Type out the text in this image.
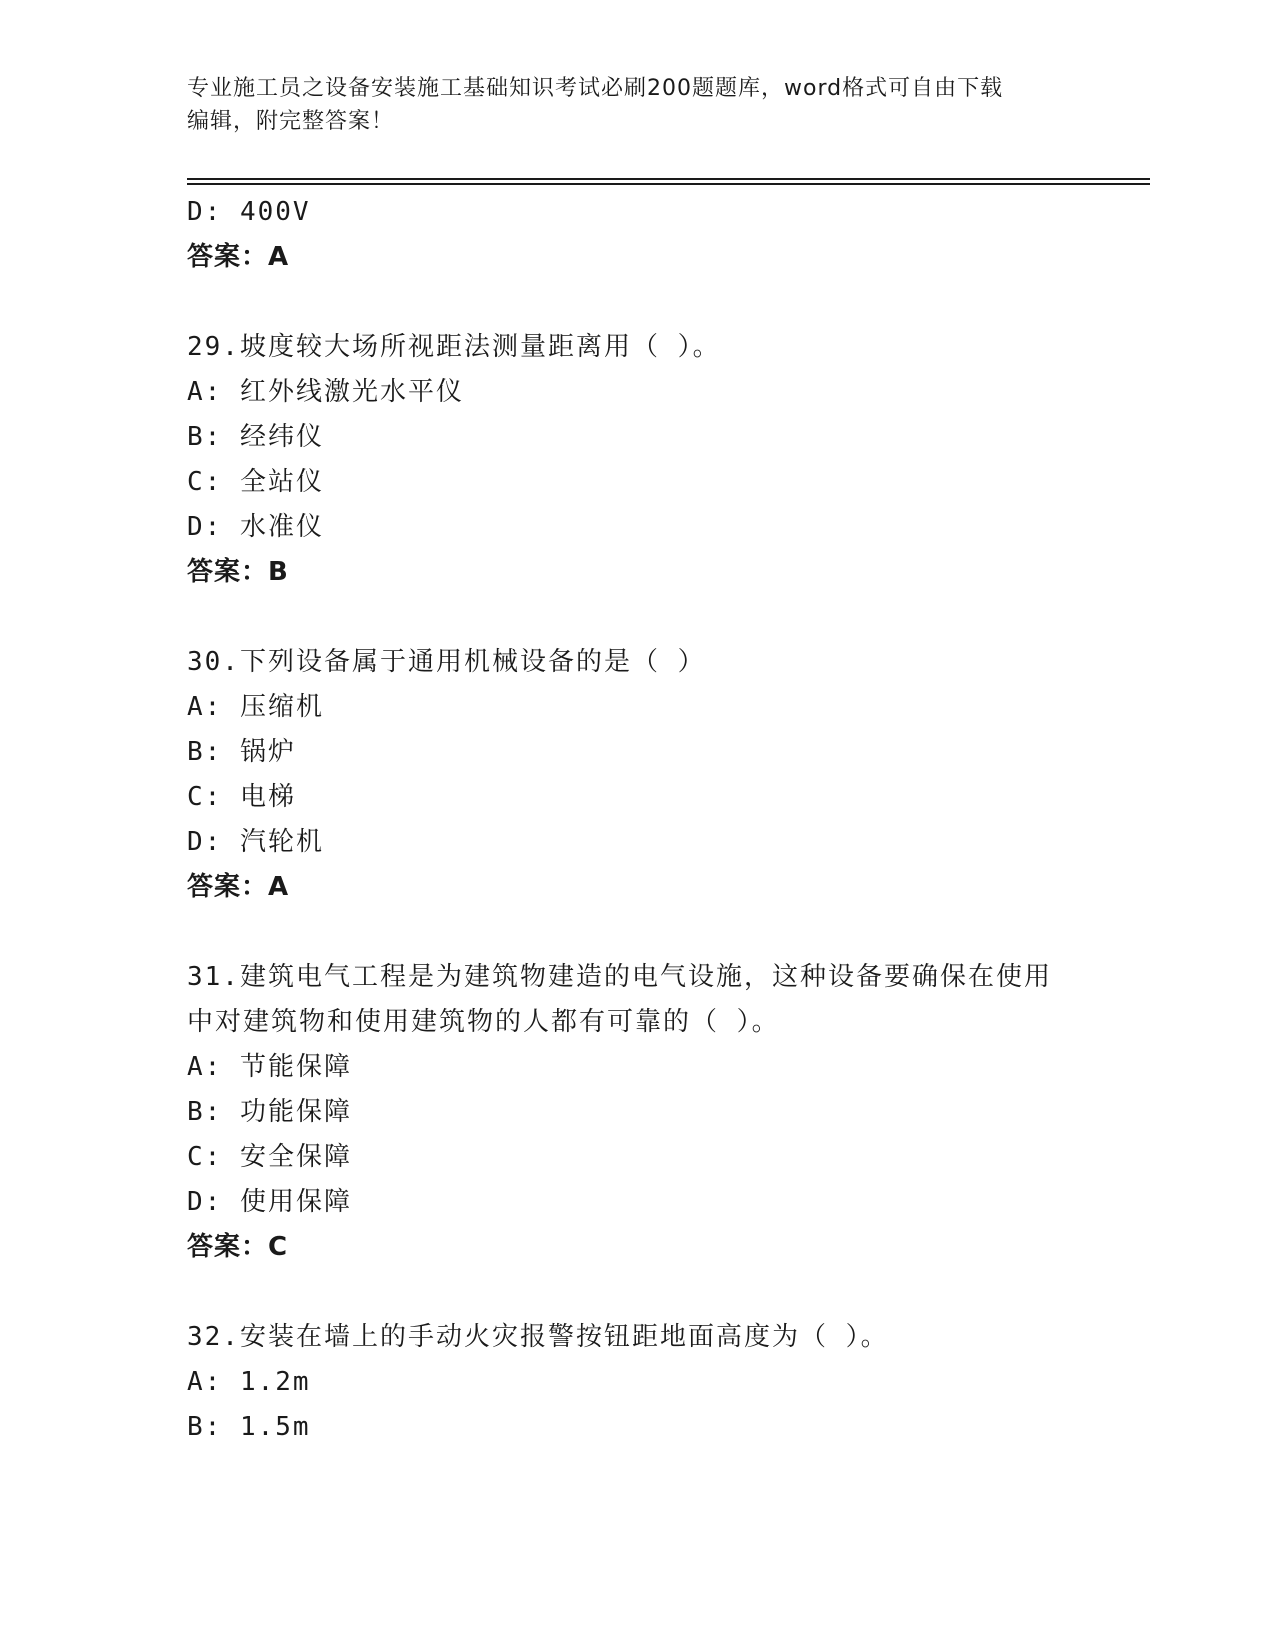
专业施工员之设备安装施工基础知识考试必刷200题题库，word格式可自由下载
编辑，附完整答案！
D: 400V
答案：A
29.坡度较大场所视距法测量距离用（ ）。
A: 红外线激光水平仪
B: 经纬仪
C: 全站仪
D: 水准仪
答案：B
30.下列设备属于通用机械设备的是（ ）
A: 压缩机
B: 锅炉
C: 电梯
D: 汽轮机
答案：A
31.建筑电气工程是为建筑物建造的电气设施，这种设备要确保在使用
中对建筑物和使用建筑物的人都有可靠的（ ）。
A: 节能保障
B: 功能保障
C: 安全保障
D: 使用保障
答案：C
32.安装在墙上的手动火灾报警按钮距地面高度为（ ）。
A: 1.2m
B: 1.5m
